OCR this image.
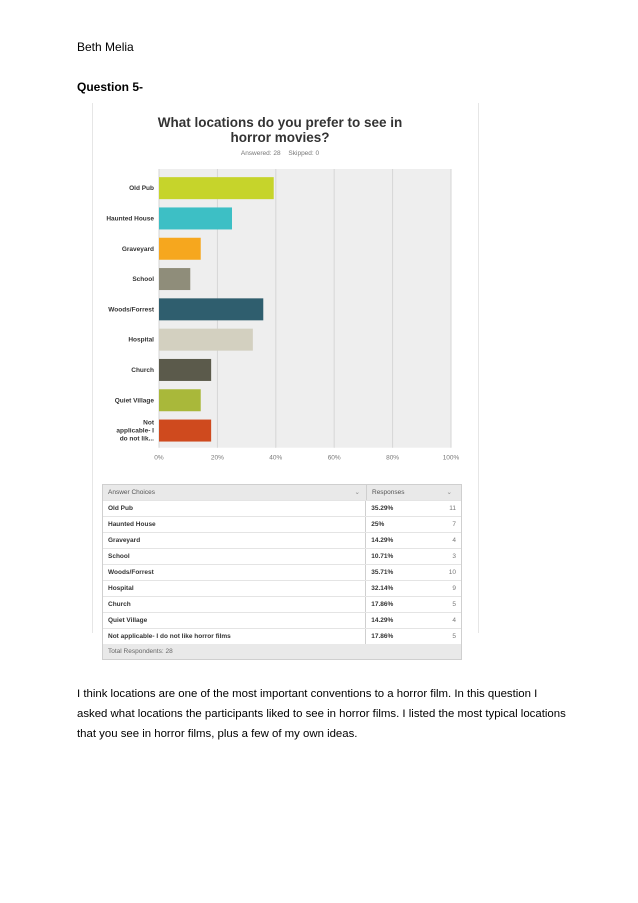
Beth Melia
Question 5-
0%	20%	40%	60%	80%	100%
Old Pub
Haunted House
Graveyard
School
Woods/Forrest
Hospital
Church
Quiet Village
Not applicable- I do not lik...
What locations do you prefer to see in horror movies?
Answered: 28 Skipped: 0
Answer Choices	⌄	Responses	⌄
Old Pub	35.29%	11
Haunted House	25%	7
Graveyard	14.29%	4
School	10.71%	3
Woods/Forrest	35.71%	10
Hospital	32.14%	9
Church	17.86%	5
Quiet Village	14.29%	4
Not applicable- I do not like horror films	17.86%	5
Total Respondents: 28
I think locations are one of the most important conventions to a horror film. In this question I asked what locations the participants liked to see in horror films. I listed the most typical locations that you see in horror films, plus a few of my own ideas.
